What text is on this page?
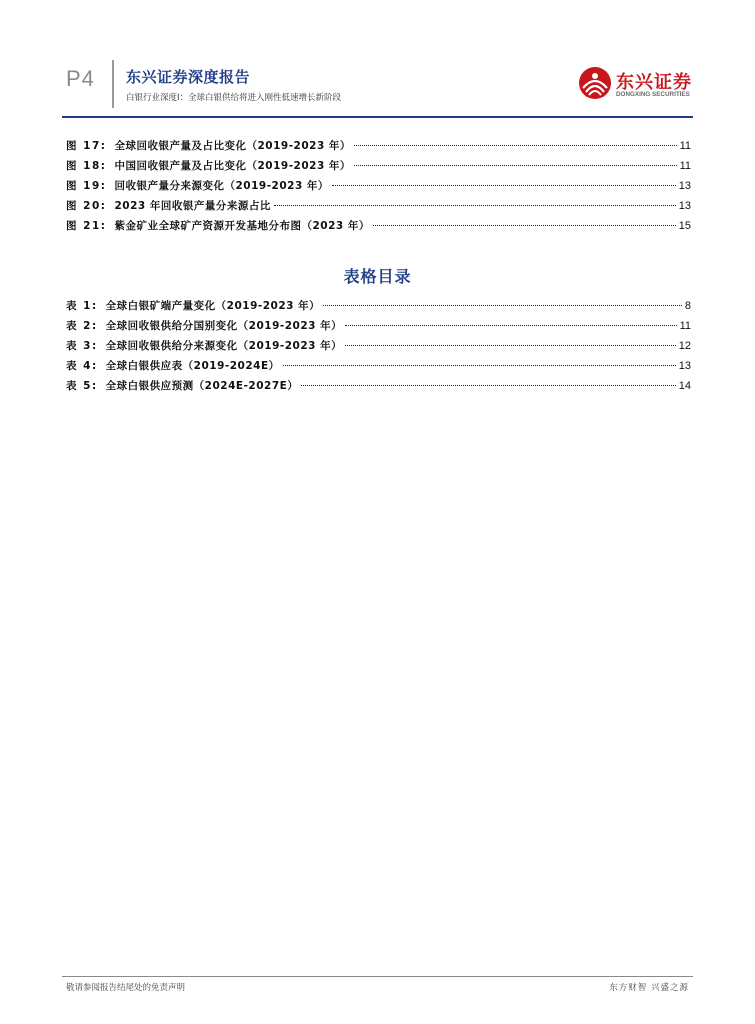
P4 东兴证券深度报告
白银行业深度I：全球白银供给将进入刚性低速增长新阶段
东兴证券
DONGXING SECURITIES
图 17: 全球回收银产量及占比变化（2019-2023 年）	11
图 18: 中国回收银产量及占比变化（2019-2023 年）	11
图 19: 回收银产量分来源变化（2019-2023 年）	13
图 20: 2023 年回收银产量分来源占比	13
图 21: 紫金矿业全球矿产资源开发基地分布图（2023 年）	15
表格目录
表 1: 全球白银矿端产量变化（2019-2023 年）	8
表 2: 全球回收银供给分国别变化（2019-2023 年）	11
表 3: 全球回收银供给分来源变化（2019-2023 年）	12
表 4: 全球白银供应表（2019-2024E）	13
表 5: 全球白银供应预测（2024E-2027E）	14
敬请参阅报告结尾处的免责声明	东方财智 兴盛之源
